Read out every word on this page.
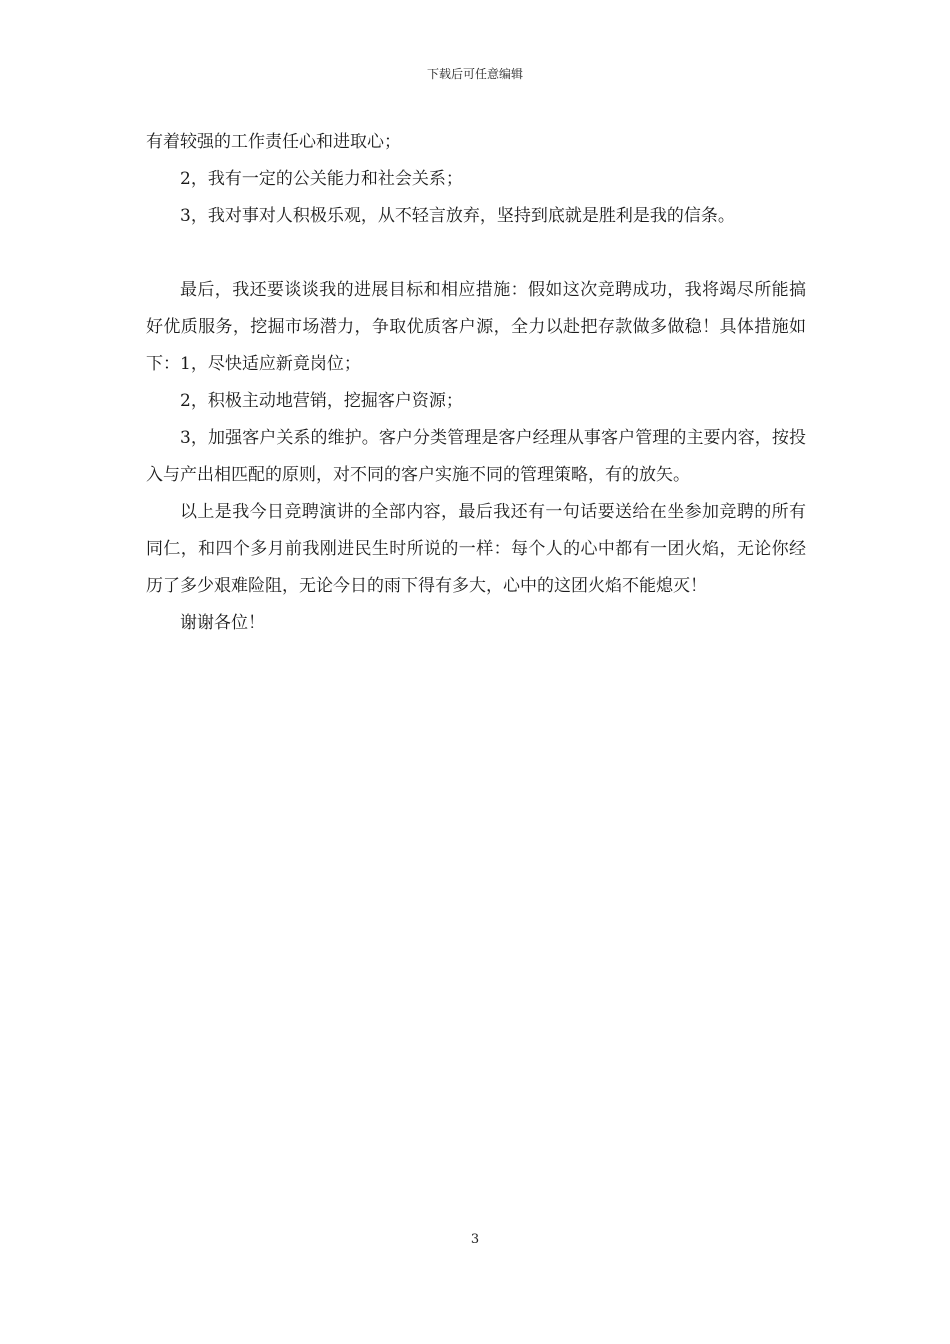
下载后可任意编辑

有着较强的工作责任心和进取心；

2，我有一定的公关能力和社会关系；

3，我对事对人积极乐观，从不轻言放弃，坚持到底就是胜利是我的信条。

最后，我还要谈谈我的进展目标和相应措施：假如这次竞聘成功，我将竭尽所能搞好优质服务，挖掘市场潜力，争取优质客户源，全力以赴把存款做多做稳！具体措施如下：1，尽快适应新竟岗位；

2，积极主动地营销，挖掘客户资源；

3，加强客户关系的维护。客户分类管理是客户经理从事客户管理的主要内容，按投入与产出相匹配的原则，对不同的客户实施不同的管理策略，有的放矢。

以上是我今日竞聘演讲的全部内容，最后我还有一句话要送给在坐参加竞聘的所有同仁，和四个多月前我刚进民生时所说的一样：每个人的心中都有一团火焰，无论你经历了多少艰难险阻，无论今日的雨下得有多大，心中的这团火焰不能熄灭！

谢谢各位！

3
